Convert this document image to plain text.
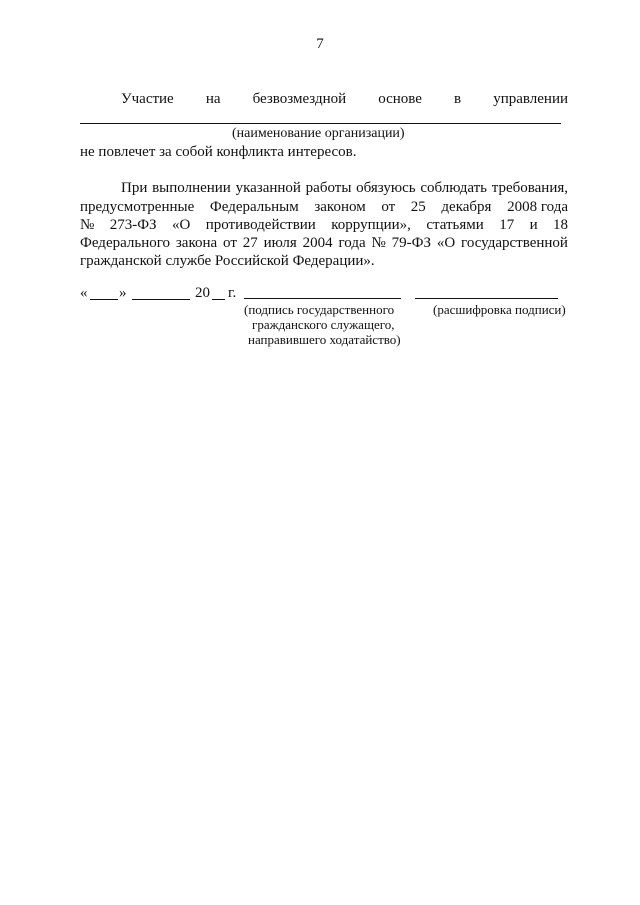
7
Участие на безвозмездной основе в управлении
(наименование организации)
не повлечет за собой конфликта интересов.
При выполнении указанной работы обязуюсь соблюдать требования,
предусмотренные Федеральным законом от 25 декабря 2008 года
№ 273-ФЗ «О противодействии коррупции», статьями 17 и 18
Федерального закона от 27 июля 2004 года № 79-ФЗ «О государственной
гражданской службе Российской Федерации».
« »	20 г.
(подпись государственного
гражданского служащего,
направившего ходатайство)
(расшифровка подписи)
